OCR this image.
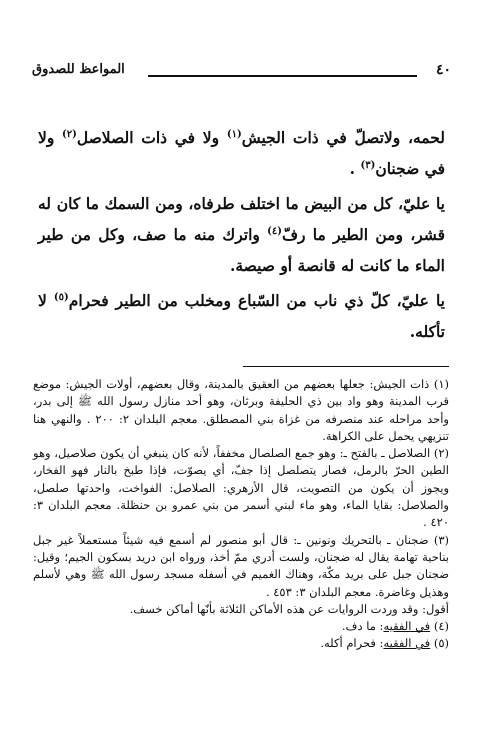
٤٠
المواعظ للصدوق

لحمه، ولاتصلّ في ذات الجيش$^{(١)}$ ولا في ذات الصلاصل$^{(٢)}$ ولا في ضجنان$^{(٣)}$ .

يا عليّ، كل من البيض ما اختلف طرفاه، ومن السمك ما كان له قشر، ومن الطير ما رفّ$^{(٤)}$ واترك منه ما صف، وكل من طير الماء ما كانت له قانصة أو صيصة.

يا عليّ، كلّ ذي ناب من السّباع ومخلب من الطير فحرام$^{(٥)}$ لا تأكله.

(١) ذات الجيش: جعلها بعضهم من العقيق بالمدينة، وقال بعضهم، أولات الجيش: موضع قرب المدينة وهو واد بين ذي الحليفة وبرثان، وهو أحد منازل رسول الله ﷺ إلى بدر، وأحد مراحله عند منصرفه من غزاة بني المصطلق. معجم البلدان ٢: ٢٠٠ . والنهي هنا تنزيهي يحمل على الكراهة.

(٢) الصلاصل ـ بالفتح ـ: وهو جمع الصلصال مخففاً، لأنه كان ينبغي أن يكون صلاصيل، وهو الطين الحرّ بالرمل، فصار يتصلصل إذا جفّ، أي يصوّت، فإذا طبخ بالنار فهو الفخار، ويجوز أن يكون من التصويت، قال الأزهري: الصلاصل: الفواخت، واحدتها صلصل، والصلاصل: بقايا الماء، وهو ماء لبني أسمر من بني عمرو بن حنظلة. معجم البلدان ٣: ٤٢٠ .

(٣) ضجنان ـ بالتحريك ونونين ـ: قال أبو منصور لم أسمع فيه شيئاً مستعملاً غير جبل بناحية تهامة يقال له ضجنان، ولست أدري ممّ أخذ، ورواه ابن دريد بسكون الجيم؛ وقيل: ضجنان جبل على بريد مكّة، وهناك الغميم في أسفله مسجد رسول الله ﷺ وهي لأسلم وهذيل وغاضرة. معجم البلدان ٣: ٤٥٣ .

أقول: وقد وردت الروايات عن هذه الأماكن الثلاثة بأنّها أماكن خسف.

(٤) في الفقيه: ما دف.

(٥) في الفقيه: فحرام أكله.
